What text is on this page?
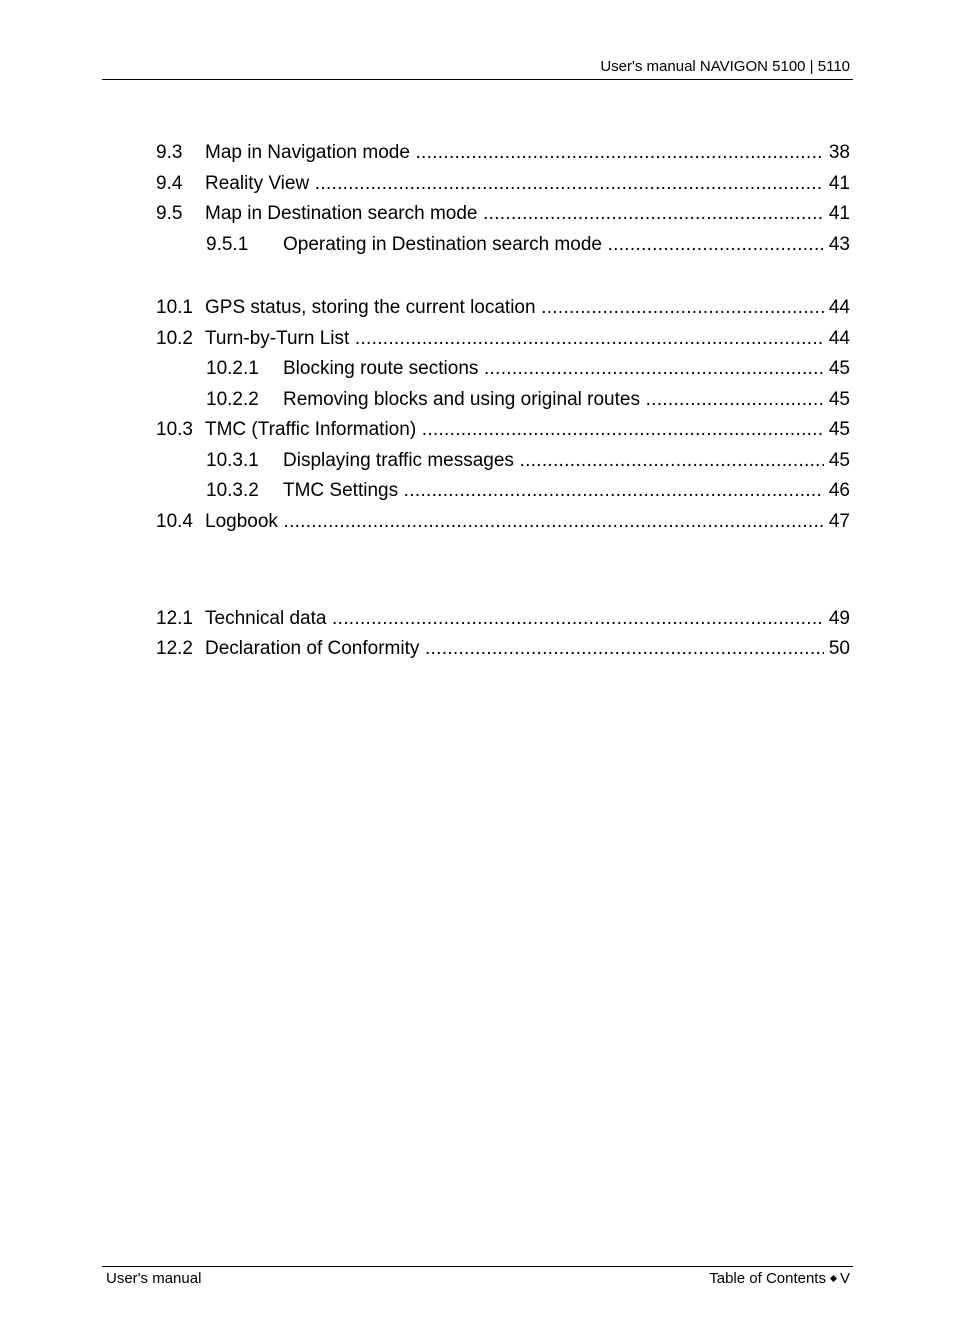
User's manual NAVIGON 5100 | 5110
9.3 Map in Navigation mode .....	38
9.4 Reality View .....	41
9.5 Map in Destination search mode .....	41
9.5.1 Operating in Destination search mode .....	43
10.1 GPS status, storing the current location .....	44
10.2 Turn-by-Turn List .....	44
10.2.1 Blocking route sections .....	45
10.2.2 Removing blocks and using original routes .....	45
10.3 TMC (Traffic Information) .....	45
10.3.1 Displaying traffic messages .....	45
10.3.2 TMC Settings .....	46
10.4 Logbook .....	47
12.1 Technical data .....	49
12.2 Declaration of Conformity .....	50
User's manual	Table of Contents V
